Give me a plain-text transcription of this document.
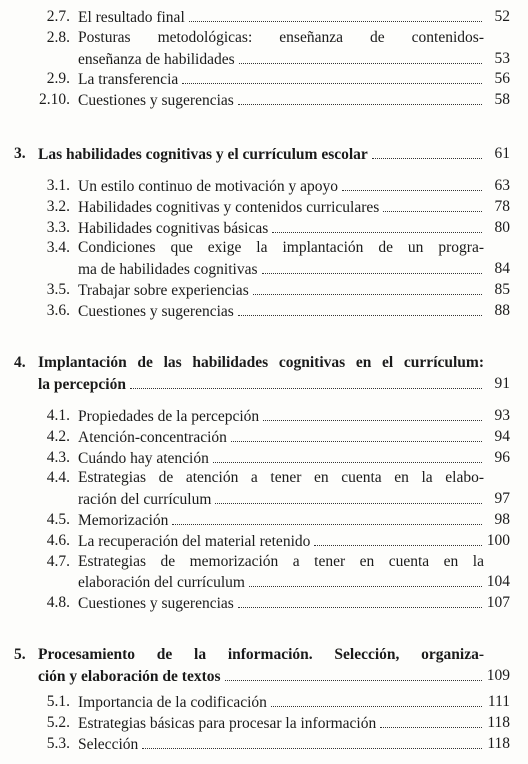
2.7. El resultado final	52
2.8. Posturas metodológicas: enseñanza de contenidos-
enseñanza de habilidades	53
2.9. La transferencia	56
2.10. Cuestiones y sugerencias	58
3. Las habilidades cognitivas y el currículum escolar	61
3.1. Un estilo continuo de motivación y apoyo	63
3.2. Habilidades cognitivas y contenidos curriculares	78
3.3. Habilidades cognitivas básicas	80
3.4. Condiciones que exige la implantación de un progra-
ma de habilidades cognitivas	84
3.5. Trabajar sobre experiencias	85
3.6. Cuestiones y sugerencias	88
4. Implantación de las habilidades cognitivas en el currículum:
la percepción	91
4.1. Propiedades de la percepción	93
4.2. Atención-concentración	94
4.3. Cuándo hay atención	96
4.4. Estrategias de atención a tener en cuenta en la elabo-
ración del currículum	97
4.5. Memorización	98
4.6. La recuperación del material retenido	100
4.7. Estrategias de memorización a tener en cuenta en la
elaboración del currículum	104
4.8. Cuestiones y sugerencias	107
5. Procesamiento de la información. Selección, organiza-
ción y elaboración de textos	109
5.1. Importancia de la codificación	111
5.2. Estrategias básicas para procesar la información	118
5.3. Selección	118
